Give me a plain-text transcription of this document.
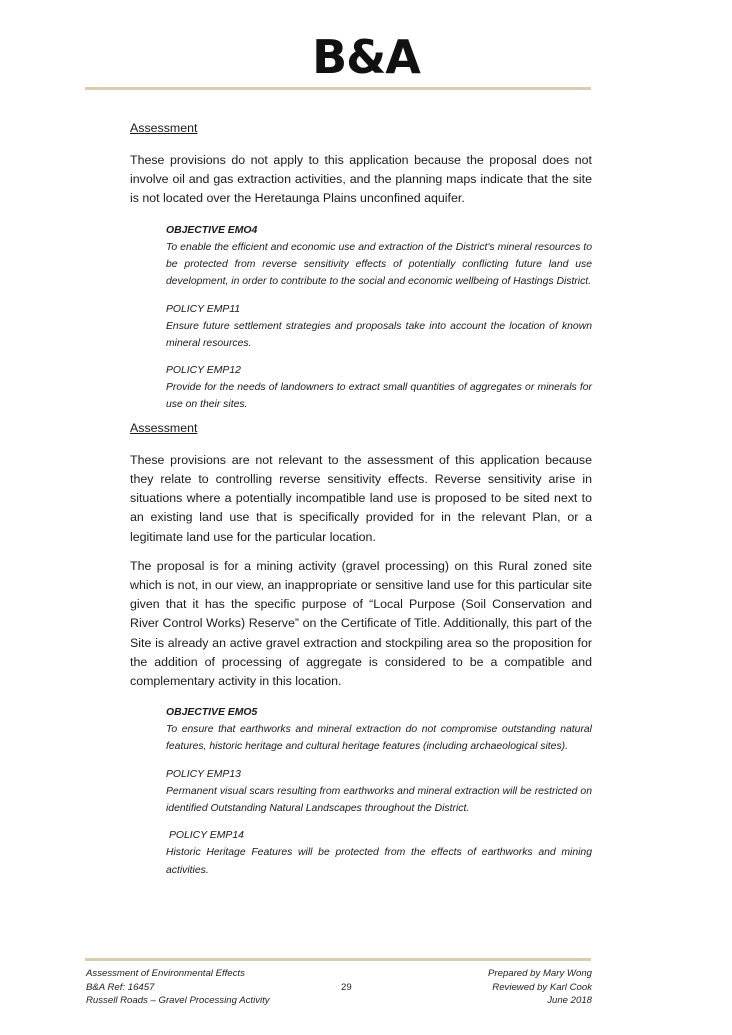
B&A
Assessment

These provisions do not apply to this application because the proposal does not involve oil and gas extraction activities, and the planning maps indicate that the site is not located over the Heretaunga Plains unconfined aquifer.

OBJECTIVE EMO4

To enable the efficient and economic use and extraction of the District's mineral resources to be protected from reverse sensitivity effects of potentially conflicting future land use development, in order to contribute to the social and economic wellbeing of Hastings District.

POLICY EMP11

Ensure future settlement strategies and proposals take into account the location of known mineral resources.

POLICY EMP12

Provide for the needs of landowners to extract small quantities of aggregates or minerals for use on their sites.

Assessment

These provisions are not relevant to the assessment of this application because they relate to controlling reverse sensitivity effects. Reverse sensitivity arise in situations where a potentially incompatible land use is proposed to be sited next to an existing land use that is specifically provided for in the relevant Plan, or a legitimate land use for the particular location.

The proposal is for a mining activity (gravel processing) on this Rural zoned site which is not, in our view, an inappropriate or sensitive land use for this particular site given that it has the specific purpose of “Local Purpose (Soil Conservation and River Control Works) Reserve” on the Certificate of Title. Additionally, this part of the Site is already an active gravel extraction and stockpiling area so the proposition for the addition of processing of aggregate is considered to be a compatible and complementary activity in this location.

OBJECTIVE EMO5

To ensure that earthworks and mineral extraction do not compromise outstanding natural features, historic heritage and cultural heritage features (including archaeological sites).

POLICY EMP13

Permanent visual scars resulting from earthworks and mineral extraction will be restricted on identified Outstanding Natural Landscapes throughout the District.

POLICY EMP14

Historic Heritage Features will be protected from the effects of earthworks and mining activities.

Assessment of Environmental Effects
B&A Ref: 16457
Russell Roads – Gravel Processing Activity
29
Prepared by Mary Wong
Reviewed by Karl Cook
June 2018
